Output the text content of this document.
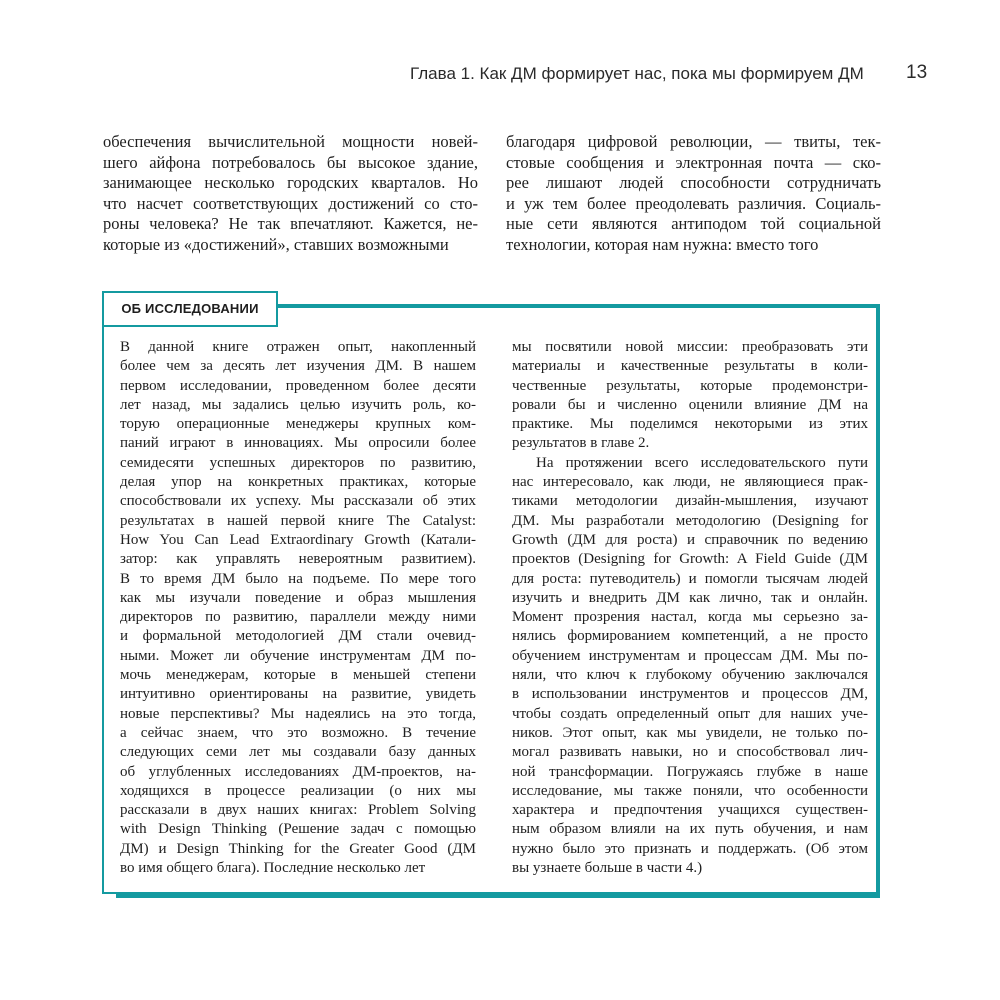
Глава 1. Как ДМ формирует нас, пока мы формируем ДМ	13

обеспечения вычислительной мощности новей-
шего айфона потребовалось бы высокое здание,
занимающее несколько городских кварталов. Но
что насчет соответствующих достижений со сто-
роны человека? Не так впечатляют. Кажется, не-
которые из «достижений», ставших возможными

благодаря цифровой революции, — твиты, тек-
стовые сообщения и электронная почта — ско-
рее лишают людей способности сотрудничать
и уж тем более преодолевать различия. Социаль-
ные сети являются антиподом той социальной
технологии, которая нам нужна: вместо того

ОБ ИССЛЕДОВАНИИ

В данной книге отражен опыт, накопленный
более чем за десять лет изучения ДМ. В нашем
первом исследовании, проведенном более десяти
лет назад, мы задались целью изучить роль, ко-
торую операционные менеджеры крупных ком-
паний играют в инновациях. Мы опросили более
семидесяти успешных директоров по развитию,
делая упор на конкретных практиках, которые
способствовали их успеху. Мы рассказали об этих
результатах в нашей первой книге The Catalyst:
How You Can Lead Extraordinary Growth (Катали-
затор: как управлять невероятным развитием).
В то время ДМ было на подъеме. По мере того
как мы изучали поведение и образ мышления
директоров по развитию, параллели между ними
и формальной методологией ДМ стали очевид-
ными. Может ли обучение инструментам ДМ по-
мочь менеджерам, которые в меньшей степени
интуитивно ориентированы на развитие, увидеть
новые перспективы? Мы надеялись на это тогда,
а сейчас знаем, что это возможно. В течение
следующих семи лет мы создавали базу данных
об углубленных исследованиях ДМ-проектов, на-
ходящихся в процессе реализации (о них мы
рассказали в двух наших книгах: Problem Solving
with Design Thinking (Решение задач с помощью
ДМ) и Design Thinking for the Greater Good (ДМ
во имя общего блага). Последние несколько лет

мы посвятили новой миссии: преобразовать эти
материалы и качественные результаты в коли-
чественные результаты, которые продемонстри-
ровали бы и численно оценили влияние ДМ на
практике. Мы поделимся некоторыми из этих
результатов в главе 2.
На протяжении всего исследовательского пути
нас интересовало, как люди, не являющиеся прак-
тиками методологии дизайн-мышления, изучают
ДМ. Мы разработали методологию (Designing for
Growth (ДМ для роста) и справочник по ведению
проектов (Designing for Growth: A Field Guide (ДМ
для роста: путеводитель) и помогли тысячам людей
изучить и внедрить ДМ как лично, так и онлайн.
Момент прозрения настал, когда мы серьезно за-
нялись формированием компетенций, а не просто
обучением инструментам и процессам ДМ. Мы по-
няли, что ключ к глубокому обучению заключался
в использовании инструментов и процессов ДМ,
чтобы создать определенный опыт для наших уче-
ников. Этот опыт, как мы увидели, не только по-
могал развивать навыки, но и способствовал лич-
ной трансформации. Погружаясь глубже в наше
исследование, мы также поняли, что особенности
характера и предпочтения учащихся существен-
ным образом влияли на их путь обучения, и нам
нужно было это признать и поддержать. (Об этом
вы узнаете больше в части 4.)
